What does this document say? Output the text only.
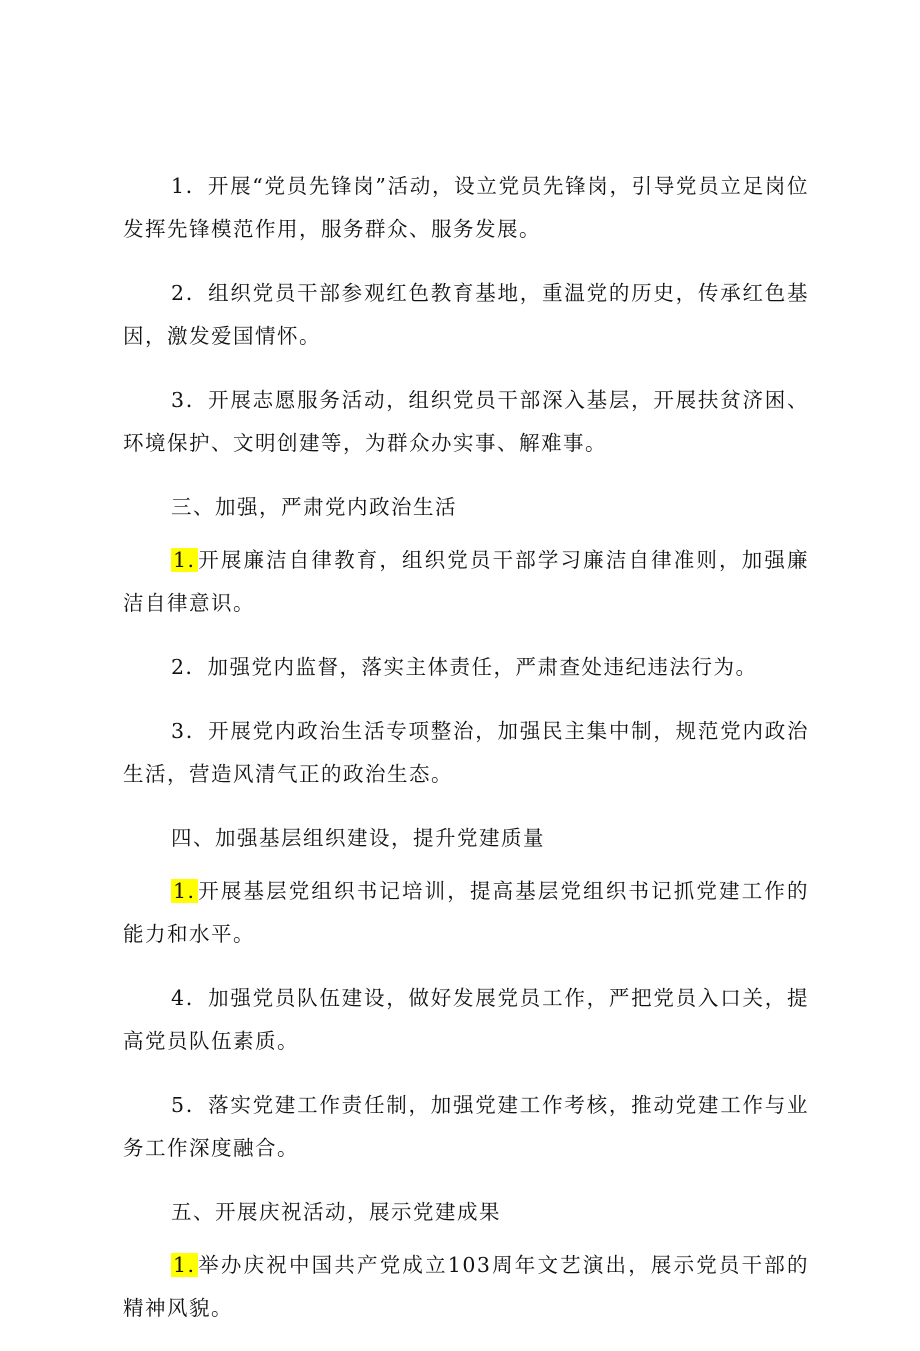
1．开展“党员先锋岗”活动，设立党员先锋岗，引导党员立足岗位发挥先锋模范作用，服务群众、服务发展。

2．组织党员干部参观红色教育基地，重温党的历史，传承红色基因，激发爱国情怀。

3．开展志愿服务活动，组织党员干部深入基层，开展扶贫济困、环境保护、文明创建等，为群众办实事、解难事。

三、加强，严肃党内政治生活

1.开展廉洁自律教育，组织党员干部学习廉洁自律准则，加强廉洁自律意识。

2．加强党内监督，落实主体责任，严肃查处违纪违法行为。

3．开展党内政治生活专项整治，加强民主集中制，规范党内政治生活，营造风清气正的政治生态。

四、加强基层组织建设，提升党建质量

1.开展基层党组织书记培训，提高基层党组织书记抓党建工作的能力和水平。

4．加强党员队伍建设，做好发展党员工作，严把党员入口关，提高党员队伍素质。

5．落实党建工作责任制，加强党建工作考核，推动党建工作与业务工作深度融合。

五、开展庆祝活动，展示党建成果

1.举办庆祝中国共产党成立103周年文艺演出，展示党员干部的精神风貌。
